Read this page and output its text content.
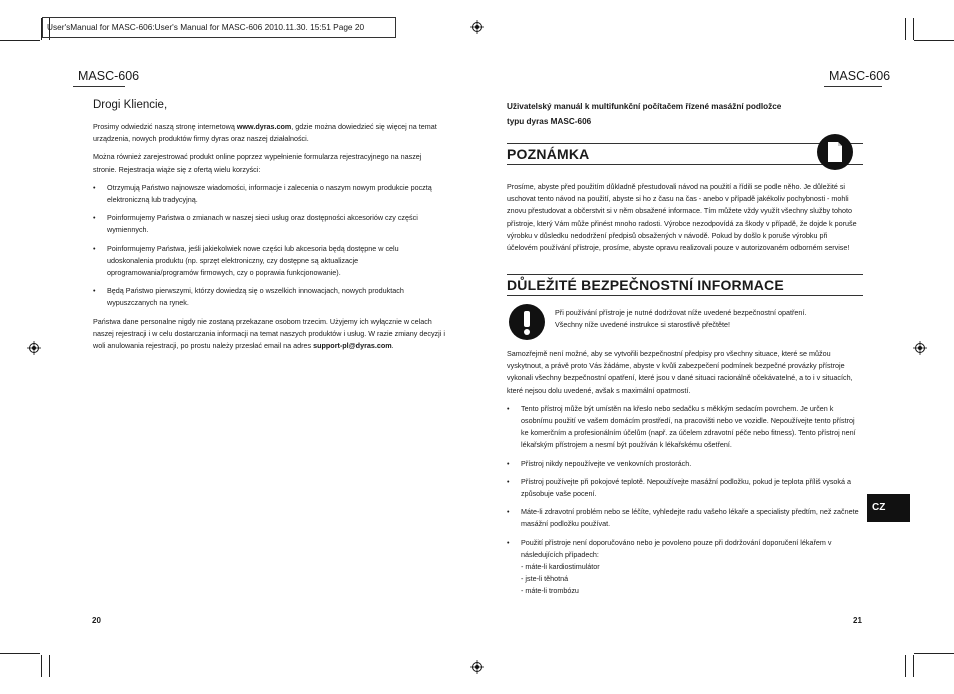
User'sManual for MASC-606:User's Manual for MASC-606 2010.11.30. 15:51 Page 20
MASC-606
Drogi Kliencie,

Prosimy odwiedzić naszą stronę internetową www.dyras.com, gdzie można dowiedzieć się więcej na temat urządzenia, nowych produktów firmy dyras oraz naszej działalności.

Można również zarejestrować produkt online poprzez wypełnienie formularza rejestracyjnego na naszej stronie. Rejestracja wiąże się z ofertą wielu korzyści:

• Otrzymują Państwo najnowsze wiadomości, informacje i zalecenia o naszym nowym produkcie pocztą elektroniczną lub tradycyjną.
• Poinformujemy Państwa o zmianach w naszej sieci usług oraz dostępności akcesoriów czy części wymiennych.
• Poinformujemy Państwa, jeśli jakiekolwiek nowe części lub akcesoria będą dostępne w celu udoskonalenia produktu (np. sprzęt elektroniczny, czy dostępne są aktualizacje oprogramowania/programów firmowych, czy o poprawia funkcjonowanie).
• Będą Państwo pierwszymi, którzy dowiedzą się o wszelkich innowacjach, nowych produktach wypuszczanych na rynek.

Państwa dane personalne nigdy nie zostaną przekazane osobom trzecim. Użyjemy ich wyłącznie w celach naszej rejestracji i w celu dostarczania informacji na temat naszych produktów i usług. W razie zmiany decyzji i woli anulowania rejestracji, po prostu należy przesłać email na adres support-pl@dyras.com.

20
MASC-606
Uživatelský manuál k multifunkční počítačem řízené masážní podložce
typu dyras MASC-606
POZNÁMKA
Prosíme, abyste před použitím důkladně přestudovali návod na použití a řídili se podle něho. Je důležité si uschovat tento návod na použití, abyste si ho z času na čas - anebo v případě jakékoliv pochybnosti - mohli znovu přestudovat a občerstvit si v něm obsažené informace. Tím můžete vždy využít všechny služby tohoto přístroje, který Vám může přinést mnoho radosti. Výrobce nezodpovídá za škody v případě, že dojde k poruše výrobku v důsledku nedodržení předpisů obsažených v návodě. Pokud by došlo k poruše výrobku při účelovém používání přístroje, prosíme, abyste opravu realizovali pouze v autorizovaném odborném servise!
DŮLEŽITÉ BEZPEČNOSTNÍ INFORMACE
Při používání přístroje je nutné dodržovat níže uvedené bezpečnostní opatření.
Všechny níže uvedené instrukce si starostlivě přečtěte!

Samozřejmě není možné, aby se vytvořili bezpečnostní předpisy pro všechny situace, které se můžou vyskytnout, a právě proto Vás žádáme, abyste v kvůli zabezpečení podmínek bezpečné provázky přístroje vykonali všechny bezpečnostní opatření, které jsou v dané situaci racionálně očekávatelné, a to i v situacích, které nejsou dolu uvedené, avšak s maximální opatrností.

• Tento přístroj může být umístěn na křeslo nebo sedačku s měkkým sedacím povrchem. Je určen k osobnímu použití ve vašem domácím prostředí, na pracovišti nebo ve vozidle. Nepoužívejte tento přístroj ke komerčním a profesionálním účelům (např. za účelem zdravotní péče nebo fitness). Tento přístroj není lékařským přístrojem a nesmí být používán k lékařskému ošetření.
• Přístroj nikdy nepoužívejte ve venkovních prostorách.
• Přístroj používejte při pokojové teplotě. Nepoužívejte masážní podložku, pokud je teplota příliš vysoká a způsobuje vaše pocení.
• Máte-li zdravotní problém nebo se léčíte, vyhledejte radu vašeho lékaře a specialisty předtím, než začnete masážní podložku používat.
• Použití přístroje není doporučováno nebo je povoleno pouze při dodržování doporučení lékařem v následujících případech:
- máte-li kardiostimulátor
- jste-li těhotná
- máte-li trombózu
CZ
21
